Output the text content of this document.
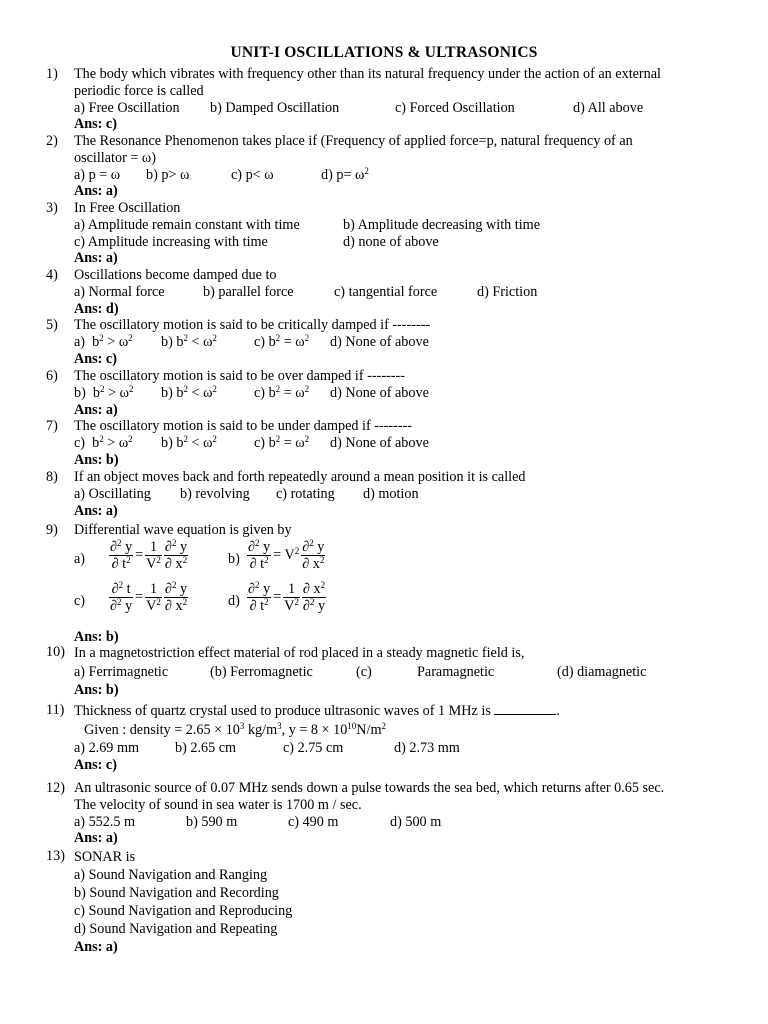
UNIT-I OSCILLATIONS & ULTRASONICS
1)	The body which vibrates with frequency other than its natural frequency under the action of an external
periodic force is called
a) Free Oscillation b) Damped Oscillation	c) Forced Oscillation	d) All above
Ans: c)
2)	The Resonance Phenomenon takes place if (Frequency of applied force=p, natural frequency of an
oscillator = ω)
a) p = ω b) p> ω	c) p< ω	d) $p= \omega^2$
Ans: a)
3)	In Free Oscillation
a) Amplitude remain constant with time	b) Amplitude decreasing with time
c) Amplitude increasing with time	d) none of above
Ans: a)
4)	Oscillations become damped due to
a) Normal force	b) parallel force	c) tangential force	d) Friction
Ans: d)
5)	The oscillatory motion is said to be critically damped if --------
a) $b^2 > \omega^2$ b) $b^2 < \omega^2$	c) $b^2 = \omega^2$ d) None of above
Ans: c)
6)	The oscillatory motion is said to be over damped if --------
b) $b^2 > \omega^2$ b) $b^2 < \omega^2$	c) $b^2 = \omega^2$ d) None of above
Ans: a)
7)	The oscillatory motion is said to be under damped if --------
c) $b^2 > \omega^2$ b) $b^2 < \omega^2$	c) $b^2 = \omega^2$ d) None of above
Ans: b)
8)	If an object moves back and forth repeatedly around a mean position it is called
a) Oscillating b) revolving c) rotating d) motion
Ans: a)
9)	Differential wave equation is given by
$a) \frac{\partial^2 y}{\partial t^2} = \frac{1}{V^2} \frac{\partial^2 y}{\partial x^2}$	$b) \frac{\partial^2 y}{\partial t^2} = V^2 \frac{\partial^2 y}{\partial x^2}$
$c) \frac{\partial^2 t}{\partial^2 y} = \frac{1}{V^2} \frac{\partial^2 y}{\partial x^2}$	$d) \frac{\partial^2 y}{\partial t^2} = \frac{1}{V^2} \frac{\partial x^2}{\partial^2 y}$
Ans: b)
10) In a magnetostriction effect material of rod placed in a steady magnetic field is,
a) Ferrimagnetic	(b) Ferromagnetic	(c)	Paramagnetic	(d) diamagnetic
Ans: b)
11) Thickness of quartz crystal used to produce ultrasonic waves of 1 MHz is	.
Given : density = $2.65 \times 10^3$ $kg/m^3$, $y = 8 \times 10^{10}N/m^2$
a) 2.69 mm	b) 2.65 cm	c) 2.75 cm	d) 2.73 mm
Ans: c)
12) An ultrasonic source of 0.07 MHz sends down a pulse towards the sea bed, which returns after 0.65 sec.
The velocity of sound in sea water is 1700 m / sec.
a) 552.5 m	b) 590 m	c) 490 m	d) 500 m
Ans: a)
13) SONAR is
a) Sound Navigation and Ranging
b) Sound Navigation and Recording
c) Sound Navigation and Reproducing
d) Sound Navigation and Repeating
Ans: a)
